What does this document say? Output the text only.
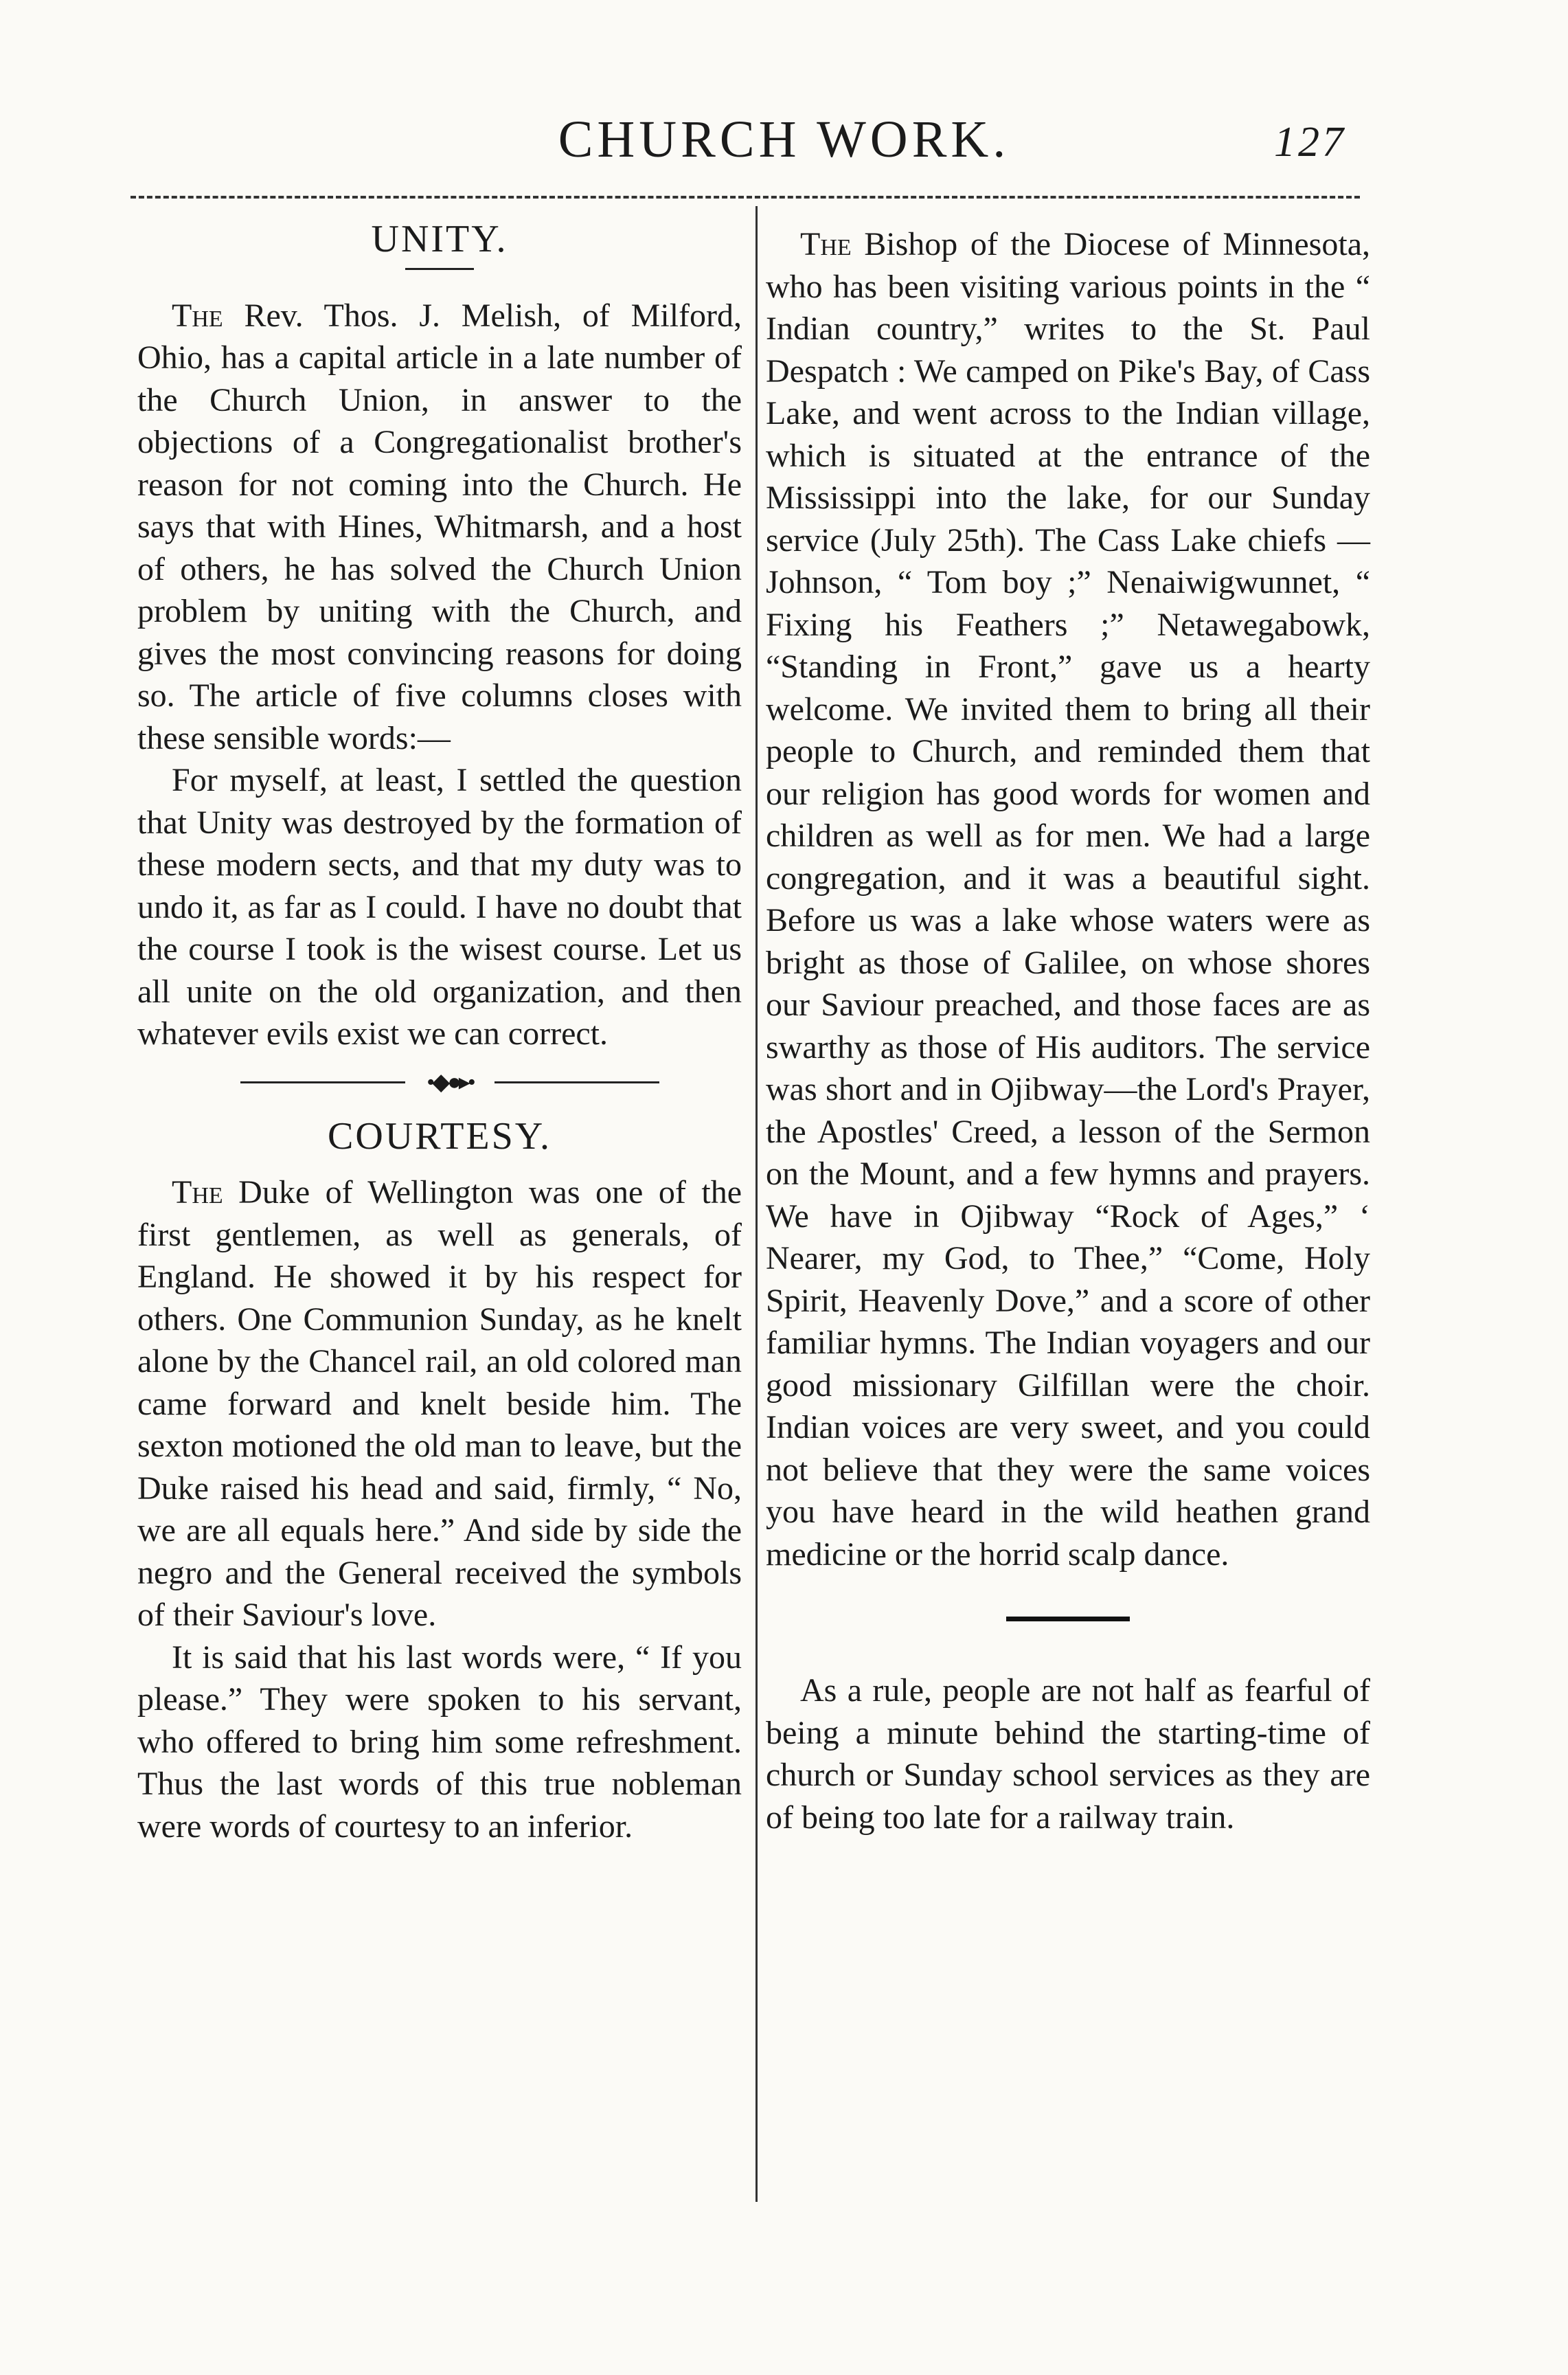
CHURCH WORK.	127
UNITY.

The Rev. Thos. J. Melish, of Milford, Ohio, has a capital article in a late number of the Church Union, in answer to the objections of a Congregationalist brother's reason for not coming into the Church. He says that with Hines, Whitmarsh, and a host of others, he has solved the Church Union problem by uniting with the Church, and gives the most convincing reasons for doing so. The article of five columns closes with these sensible words:—

For myself, at least, I settled the question that Unity was destroyed by the formation of these modern sects, and that my duty was to undo it, as far as I could. I have no doubt that the course I took is the wisest course. Let us all unite on the old organization, and then whatever evils exist we can correct.

•◆●▸•
COURTESY.

The Duke of Wellington was one of the first gentlemen, as well as generals, of England. He showed it by his respect for others. One Communion Sunday, as he knelt alone by the Chancel rail, an old colored man came forward and knelt beside him. The sexton motioned the old man to leave, but the Duke raised his head and said, firmly, “ No, we are all equals here.” And side by side the negro and the General received the symbols of their Saviour's love.

It is said that his last words were, “ If you please.” They were spoken to his servant, who offered to bring him some refreshment. Thus the last words of this true nobleman were words of courtesy to an inferior.

The Bishop of the Diocese of Minnesota, who has been visiting various points in the “ Indian country,” writes to the St. Paul Despatch : We camped on Pike's Bay, of Cass Lake, and went across to the Indian village, which is situated at the entrance of the Mississippi into the lake, for our Sunday service (July 25th). The Cass Lake chiefs —Johnson, “ Tom boy ;” Nenaiwigwunnet, “ Fixing his Feathers ;” Netawegabowk, “Standing in Front,” gave us a hearty welcome. We invited them to bring all their people to Church, and reminded them that our religion has good words for women and children as well as for men. We had a large congregation, and it was a beautiful sight. Before us was a lake whose waters were as bright as those of Galilee, on whose shores our Saviour preached, and those faces are as swarthy as those of His auditors. The service was short and in Ojibway—the Lord's Prayer, the Apostles' Creed, a lesson of the Sermon on the Mount, and a few hymns and prayers. We have in Ojibway “Rock of Ages,” ‘ Nearer, my God, to Thee,” “Come, Holy Spirit, Heavenly Dove,” and a score of other familiar hymns. The Indian voyagers and our good missionary Gilfillan were the choir. Indian voices are very sweet, and you could not believe that they were the same voices you have heard in the wild heathen grand medicine or the horrid scalp dance.

As a rule, people are not half as fearful of being a minute behind the starting-time of church or Sunday school services as they are of being too late for a railway train.
